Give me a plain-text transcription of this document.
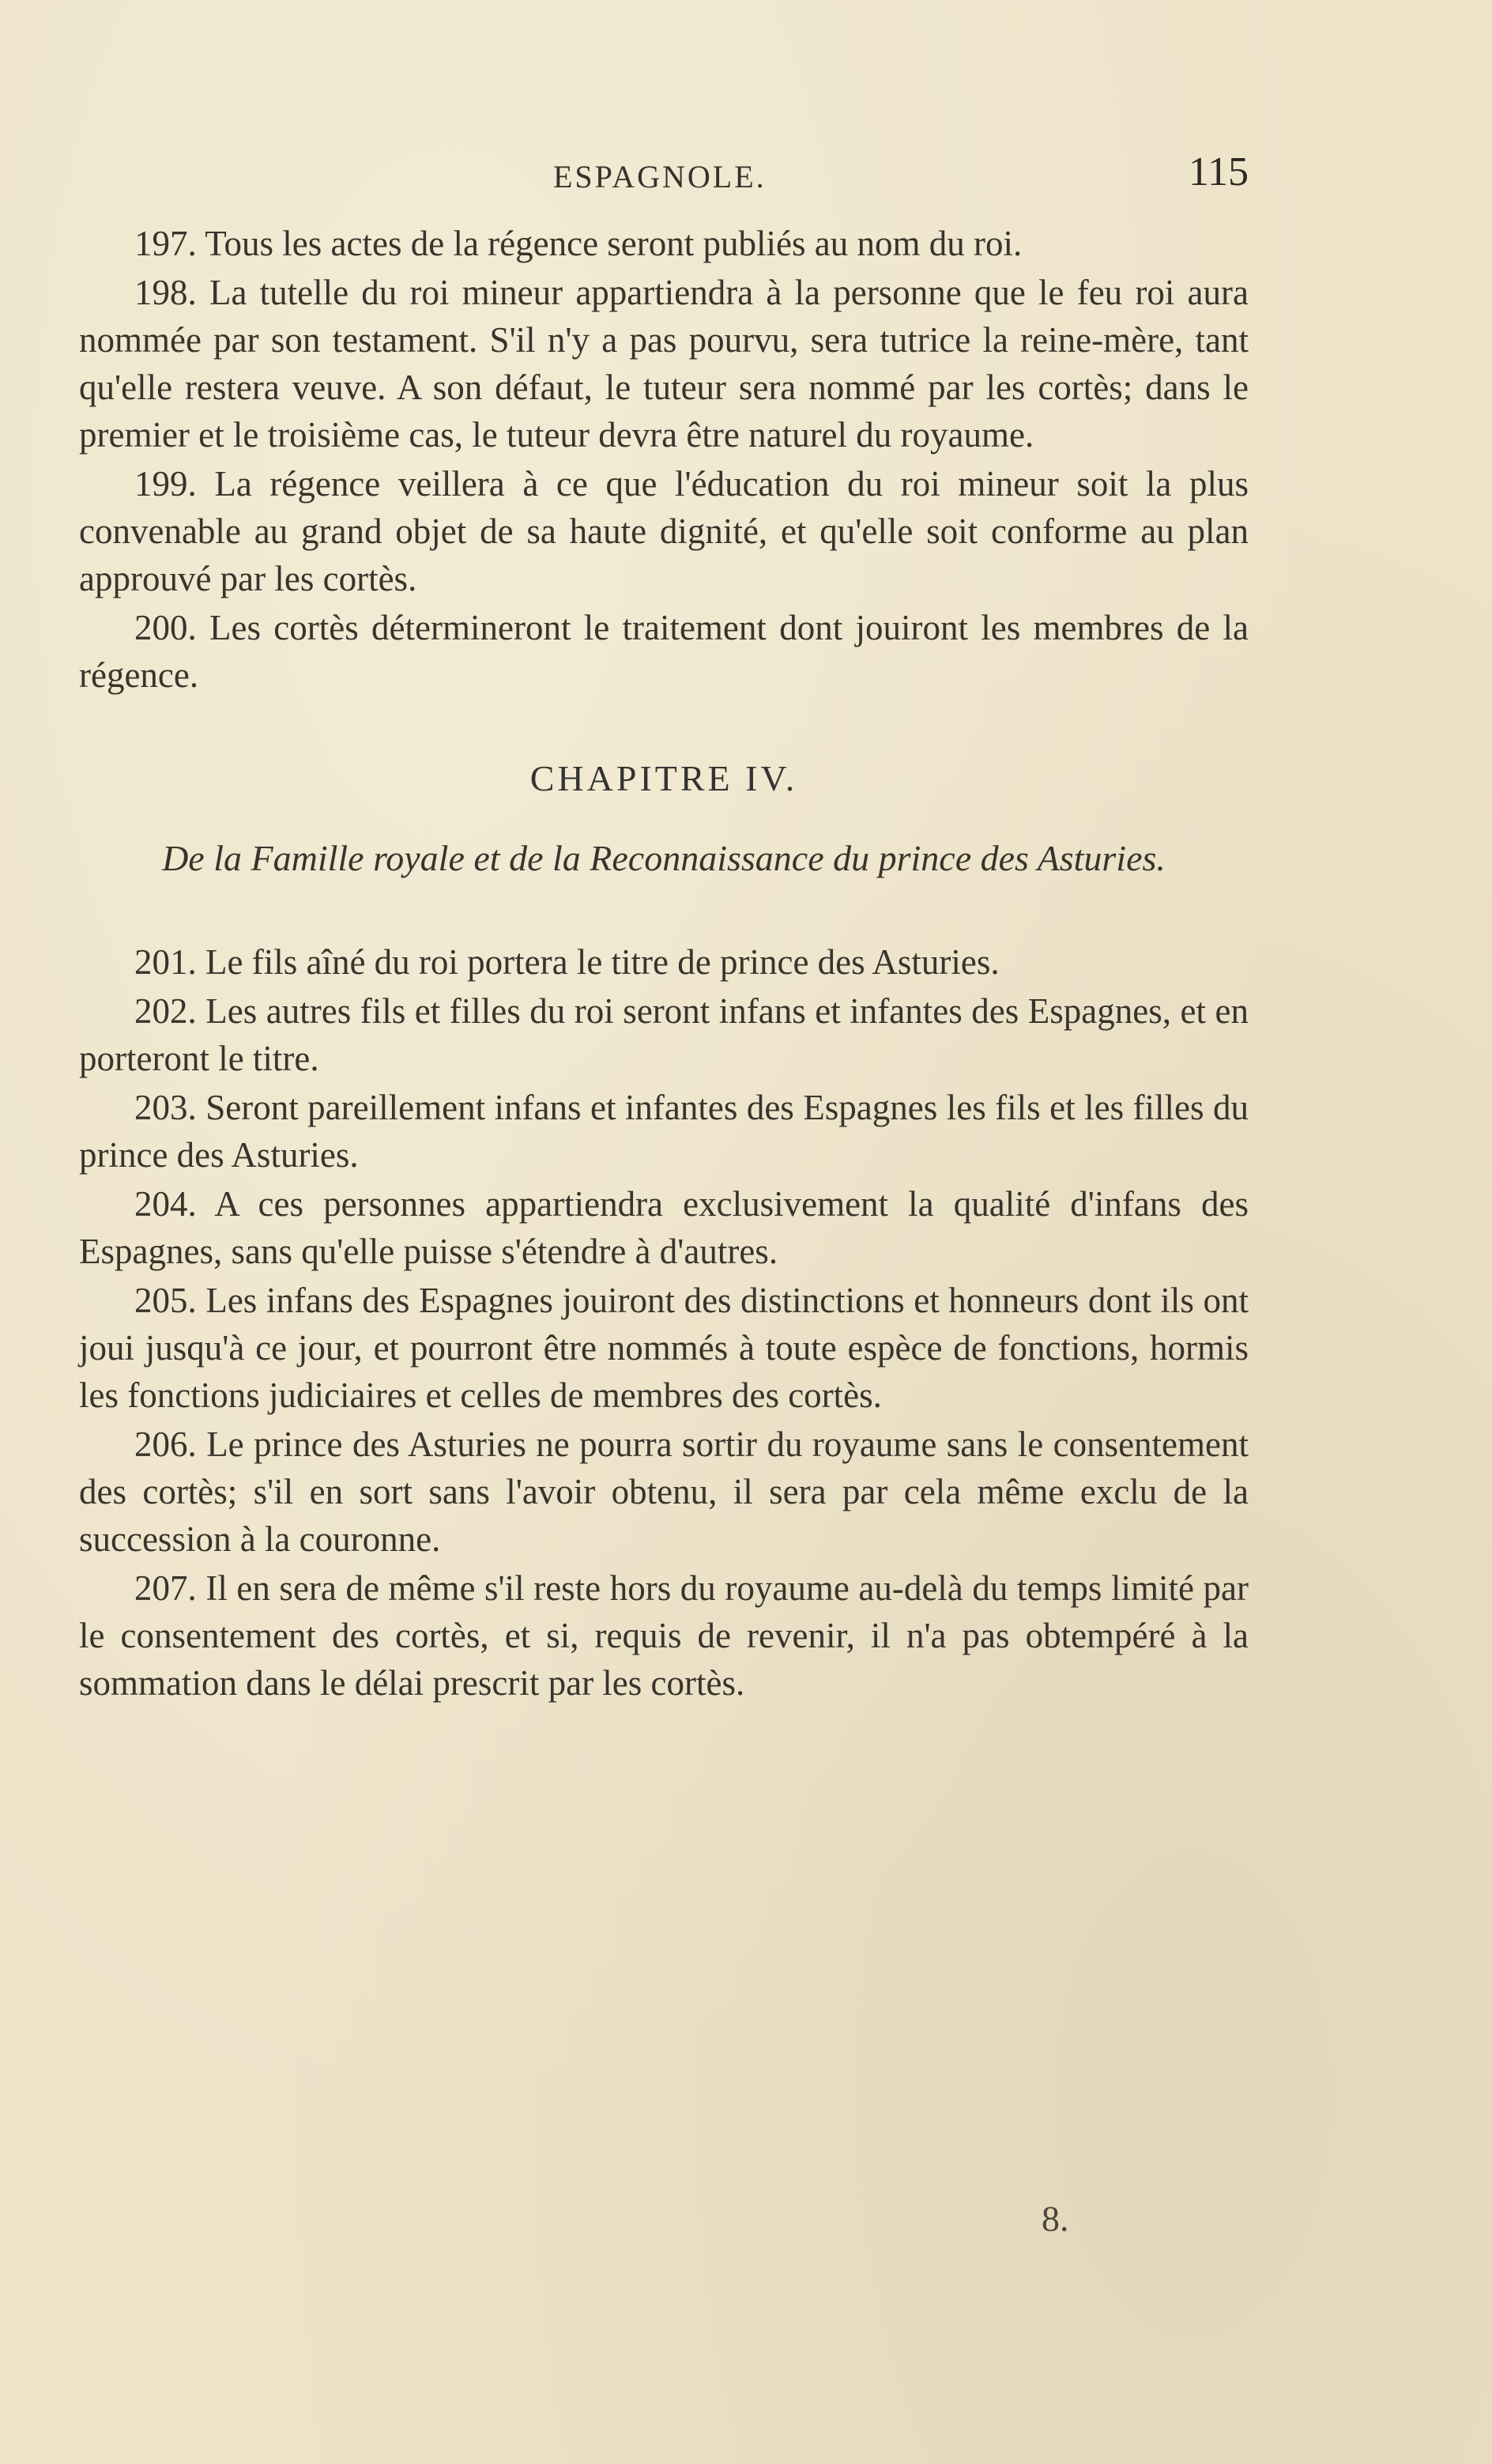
ESPAGNOLE.	115

197. Tous les actes de la régence seront publiés au nom du roi.

198. La tutelle du roi mineur appartiendra à la personne que le feu roi aura nommée par son testament. S'il n'y a pas pourvu, sera tutrice la reine-mère, tant qu'elle restera veuve. A son défaut, le tuteur sera nommé par les cortès; dans le premier et le troisième cas, le tuteur devra être naturel du royaume.

199. La régence veillera à ce que l'éducation du roi mineur soit la plus convenable au grand objet de sa haute dignité, et qu'elle soit conforme au plan approuvé par les cortès.

200. Les cortès détermineront le traitement dont jouiront les membres de la régence.

CHAPITRE IV.
De la Famille royale et de la Reconnaissance du prince des Asturies.

201. Le fils aîné du roi portera le titre de prince des Asturies.

202. Les autres fils et filles du roi seront infans et infantes des Espagnes, et en porteront le titre.

203. Seront pareillement infans et infantes des Espagnes les fils et les filles du prince des Asturies.

204. A ces personnes appartiendra exclusivement la qualité d'infans des Espagnes, sans qu'elle puisse s'étendre à d'autres.

205. Les infans des Espagnes jouiront des distinctions et honneurs dont ils ont joui jusqu'à ce jour, et pourront être nommés à toute espèce de fonctions, hormis les fonctions judiciaires et celles de membres des cortès.

206. Le prince des Asturies ne pourra sortir du royaume sans le consentement des cortès; s'il en sort sans l'avoir obtenu, il sera par cela même exclu de la succession à la couronne.

207. Il en sera de même s'il reste hors du royaume au-delà du temps limité par le consentement des cortès, et si, requis de revenir, il n'a pas obtempéré à la sommation dans le délai prescrit par les cortès.

8.
